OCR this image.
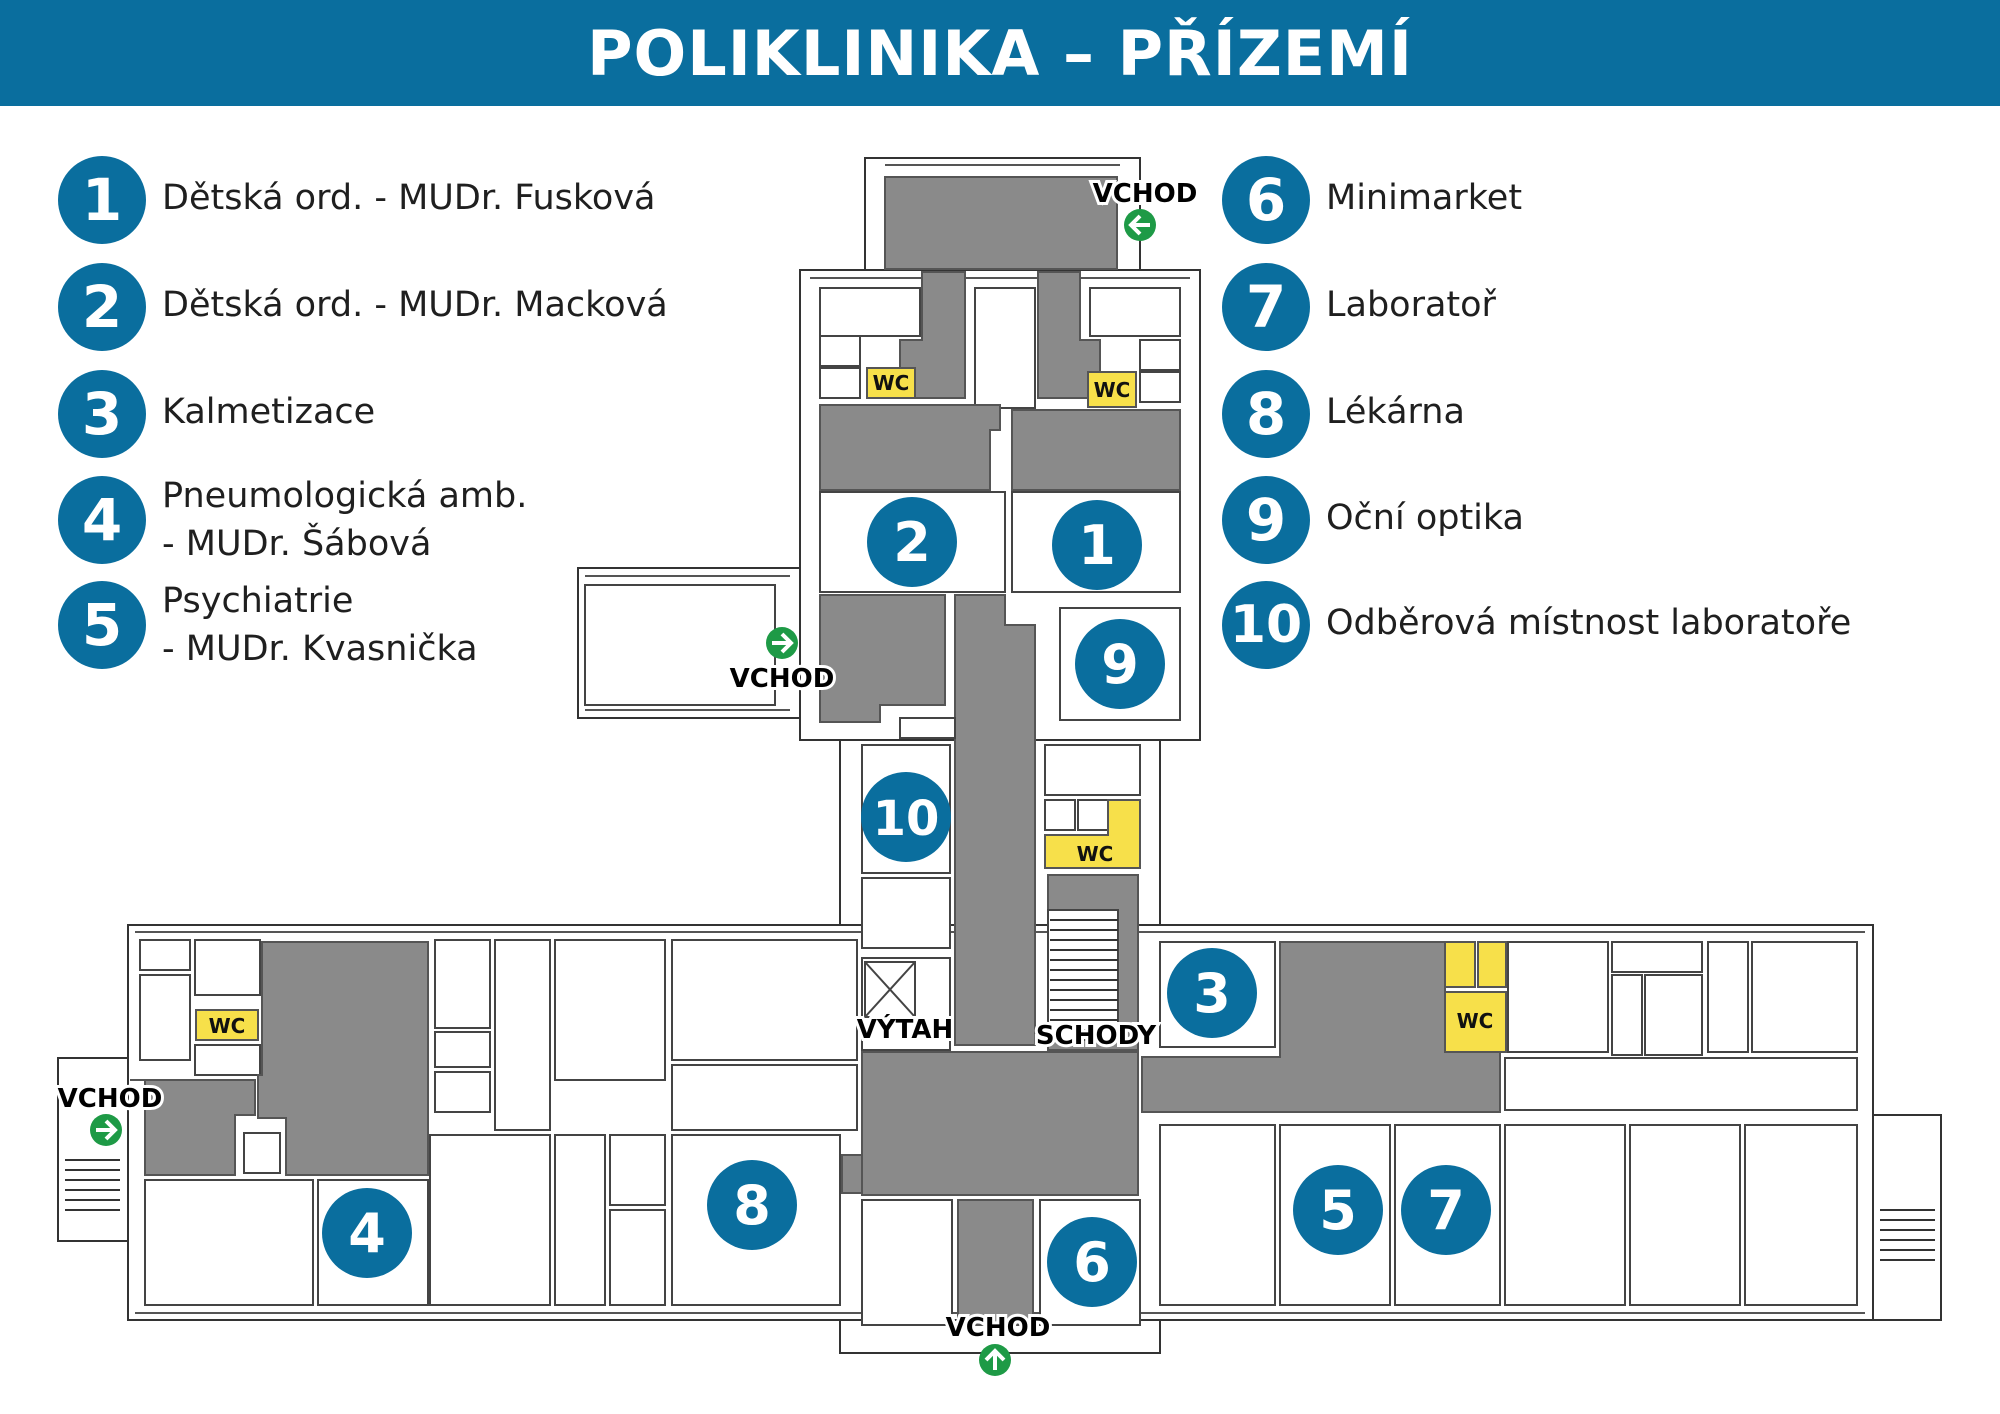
POLIKLINIKA – PŘÍZEMÍ
1	Dětská ord. - MUDr. Fusková
2	Dětská ord. - MUDr. Macková
3	Kalmetizace
4	Pneumologická amb.
- MUDr. Šábová
5	Psychiatrie
- MUDr. Kvasnička
6	Minimarket
7	Laboratoř
8	Lékárna
9	Oční optika
10 Odběrová místnost laboratoře
WC	WC
WC
WC	WC
1
2
3
4	5
6
7
8
9
10
VCHOD
VCHOD
VCHOD
VCHOD
VÝTAH	SCHODY
